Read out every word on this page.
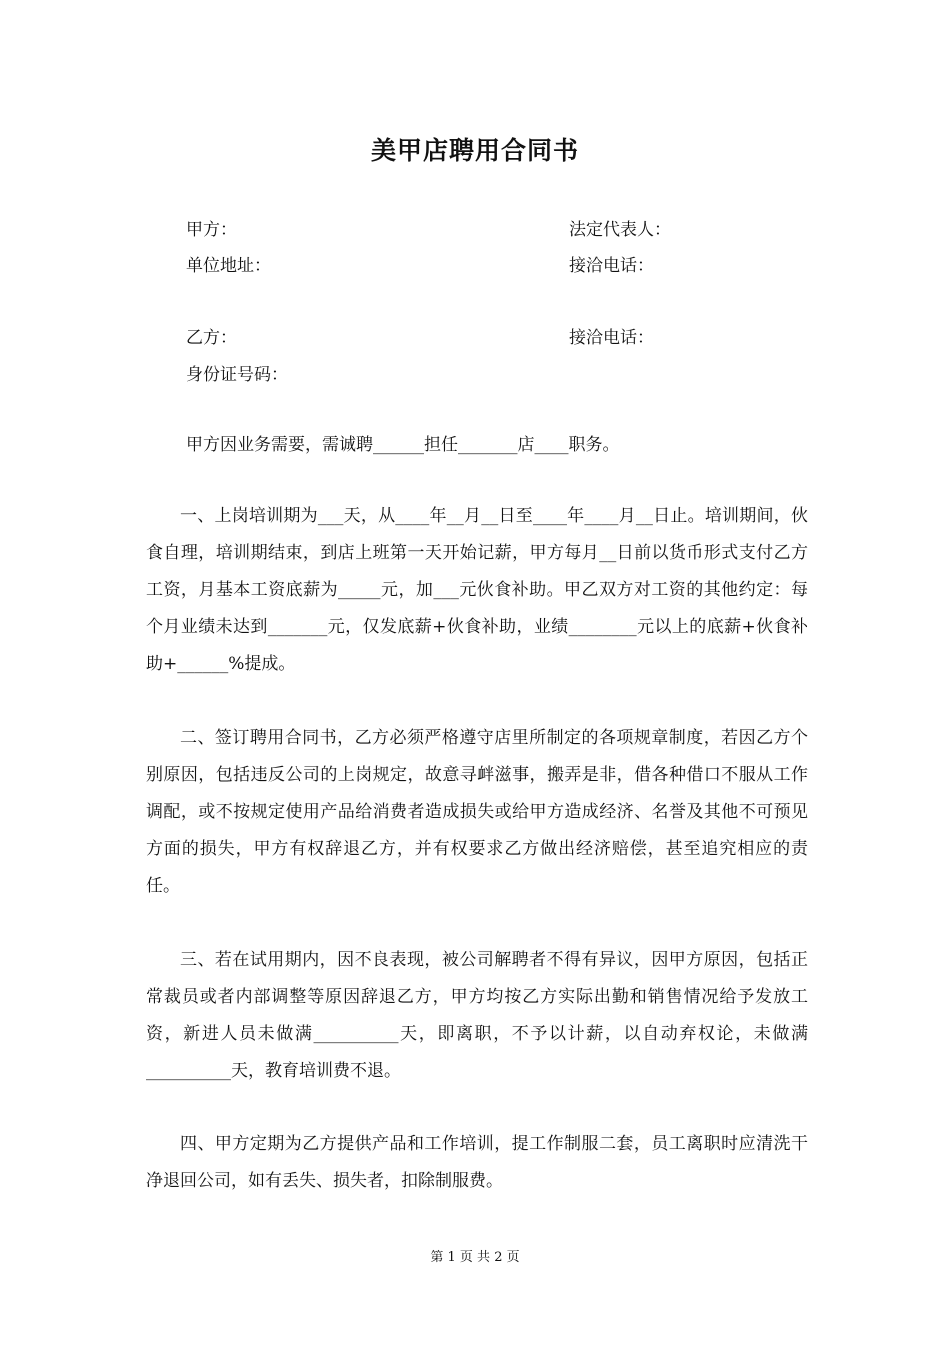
美甲店聘用合同书
甲方：	法定代表人：
单位地址：	接洽电话：
乙方：	接洽电话：
身份证号码：
甲方因业务需要，需诚聘______担任_______店____职务。
一、上岗培训期为___天，从____年__月__日至____年____月__日止。培训期间，伙食自理，培训期结束，到店上班第一天开始记薪，甲方每月__日前以货币形式支付乙方工资，月基本工资底薪为_____元，加___元伙食补助。甲乙双方对工资的其他约定：每个月业绩未达到_______元，仅发底薪+伙食补助，业绩________元以上的底薪+伙食补助+______%提成。
二、签订聘用合同书，乙方必须严格遵守店里所制定的各项规章制度，若因乙方个别原因，包括违反公司的上岗规定，故意寻衅滋事，搬弄是非，借各种借口不服从工作调配，或不按规定使用产品给消费者造成损失或给甲方造成经济、名誉及其他不可预见方面的损失，甲方有权辞退乙方，并有权要求乙方做出经济赔偿，甚至追究相应的责任。
三、若在试用期内，因不良表现，被公司解聘者不得有异议，因甲方原因，包括正常裁员或者内部调整等原因辞退乙方，甲方均按乙方实际出勤和销售情况给予发放工资，新进人员未做满__________天，即离职，不予以计薪，以自动弃权论，未做满__________天，教育培训费不退。
四、甲方定期为乙方提供产品和工作培训，提工作制服二套，员工离职时应清洗干净退回公司，如有丢失、损失者，扣除制服费。
第 1 页 共 2 页
